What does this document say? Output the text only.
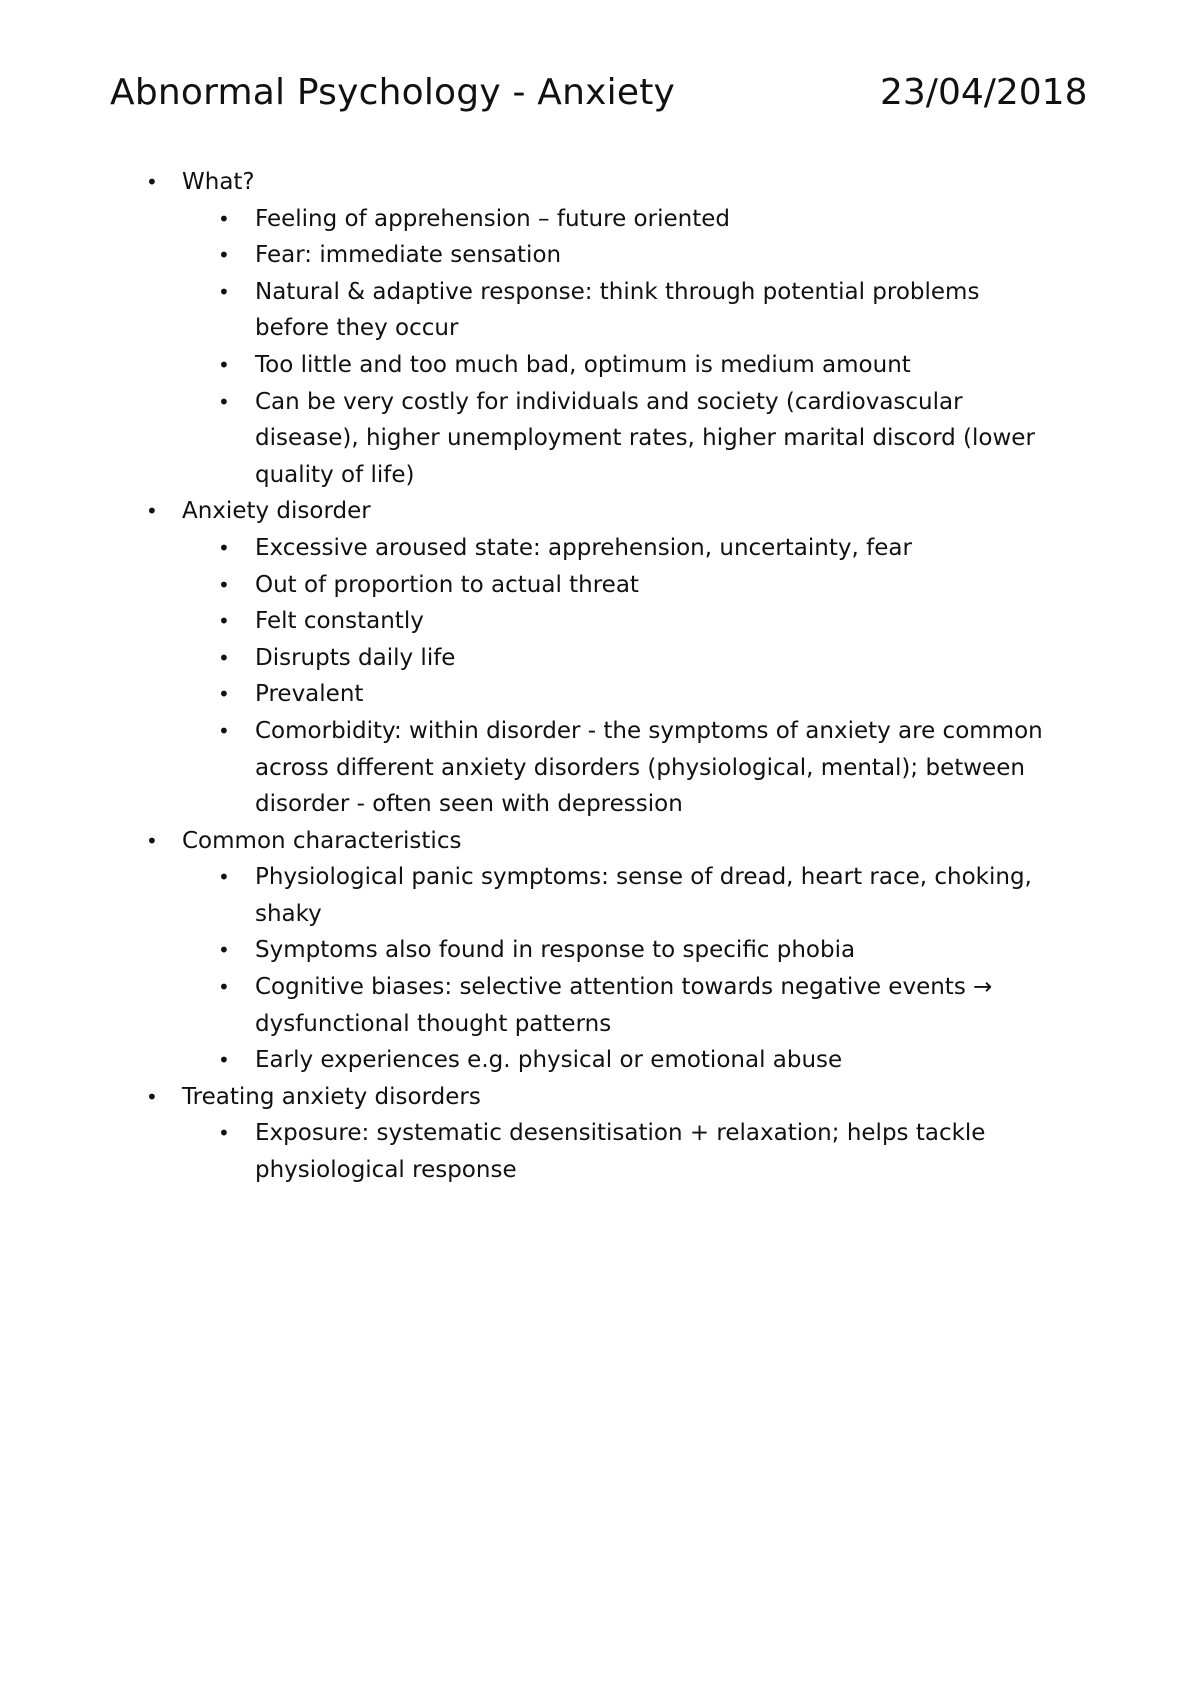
Abnormal Psychology - Anxiety	23/04/2018
• What?
• Feeling of apprehension – future oriented
• Fear: immediate sensation
• Natural & adaptive response: think through potential problems before they occur
• Too little and too much bad, optimum is medium amount
• Can be very costly for individuals and society (cardiovascular disease), higher unemployment rates, higher marital discord (lower quality of life)
• Anxiety disorder
• Excessive aroused state: apprehension, uncertainty, fear
• Out of proportion to actual threat
• Felt constantly
• Disrupts daily life
• Prevalent
• Comorbidity: within disorder - the symptoms of anxiety are common across different anxiety disorders (physiological, mental); between disorder - often seen with depression
• Common characteristics
• Physiological panic symptoms: sense of dread, heart race, choking, shaky
• Symptoms also found in response to specific phobia
• Cognitive biases: selective attention towards negative events → dysfunctional thought patterns
• Early experiences e.g. physical or emotional abuse
• Treating anxiety disorders
• Exposure: systematic desensitisation + relaxation; helps tackle physiological response
